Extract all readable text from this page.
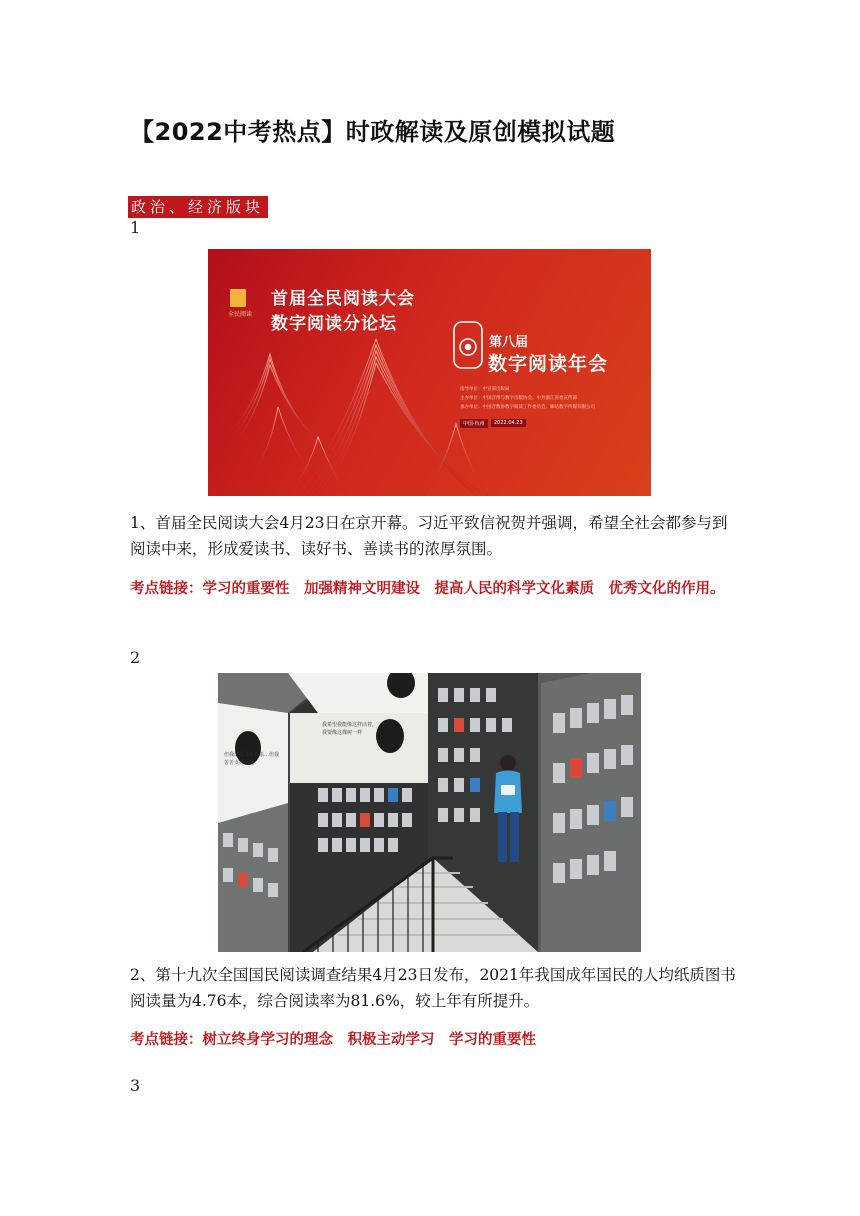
【2022中考热点】时政解读及原创模拟试题
政治、经济版块
1
全民阅读
首届全民阅读大会
数字阅读分论坛
第八届
数字阅读年会
指导单位：中宣部出版局
主办单位：中国音像与数字出版协会、中共浙江省委宣传部
承办单位：中国音数协数字阅读工作委员会、咪咕数字传媒有限公司
中国·杭州	2022.04.23
1、首届全民阅读大会4月23日在京开幕。习近平致信祝贺并强调，希望全社会都参与到阅读中来，形成爱读书、读好书、善读书的浓厚氛围。
考点链接：学习的重要性　加强精神文明建设　提高人民的科学文化素质　优秀文化的作用。
2
但我最终没有自杀…但我苦苦支撑至此
我希望我能像这样活着，我要像这棵树一样
2、第十九次全国国民阅读调查结果4月23日发布，2021年我国成年国民的人均纸质图书阅读量为4.76本，综合阅读率为81.6%，较上年有所提升。
考点链接：树立终身学习的理念　积极主动学习　学习的重要性
3
